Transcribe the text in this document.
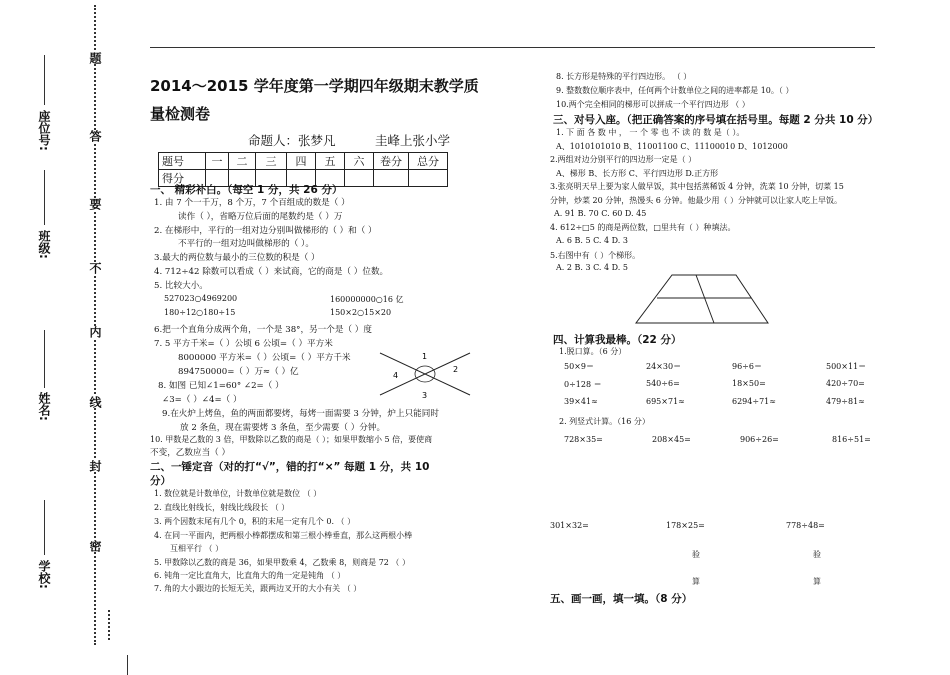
学校:
姓名:
班级:
座位号:
密
封
线
内
不
要
答
题
2014～2015 学年度第一学期四年级期末教学质
量检测卷
命题人：张梦凡	圭峰上张小学
题号	一	二	三	四	五	六	卷分	总分
得分								
一、 精彩补白。（每空 1 分，共 26 分）
1. 由 7 个一千万，8 个万，7 个百组成的数是（ ）
读作（ ），省略万位后面的尾数约是（ ）万
2. 在梯形中，平行的一组对边分别叫做梯形的（ ）和（ ）
不平行的一组对边叫做梯形的（ ）。
3.最大的两位数与最小的三位数的积是（ ）
4. 712÷42 除数可以看成（ ）来试商，它的商是（ ）位数。
5. 比较大小。
527023○4969200	160000000○16 亿
180÷12○180÷15	150×2○15×20
6.把一个直角分成两个角，一个是 38°，另一个是（ ）度
7. 5 平方千米=（ ）公顷 6 公顷=（ ）平方米
8000000 平方米=（ ）公顷=（ ）平方千米
894750000=（ ）万≈（ ）亿
8. 如图 已知∠1=60° ∠2=（ ）
∠3=（ ）∠4=（ ）
9.在火炉上烤鱼，鱼的两面都要烤，每烤一面需要 3 分钟，炉上只能同时
放 2 条鱼，现在需要烤 3 条鱼，至少需要（ ）分钟。
10. 甲数是乙数的 3 倍，甲数除以乙数的商是（ ）；如果甲数缩小 5 倍，要使商
不变，乙数应当（ ）
1
2
3
4
二、一锤定音（对的打“√”，错的打“×” 每题 1 分，共 10
分）
1. 数位就是计数单位，计数单位就是数位 （ ）
2. 直线比射线长，射线比线段长 （ ）
3. 两个因数末尾有几个 0，积的末尾一定有几个 0. （ ）
4. 在同一平面内，把两根小棒都摆成和第三根小棒垂直，那么这两根小棒
互相平行 （ ）
5. 甲数除以乙数的商是 36，如果甲数乘 4，乙数乘 8，则商是 72 （ ）
6. 钝角一定比直角大，比直角大的角一定是钝角 （ ）
7. 角的大小跟边的长短无关，跟两边叉开的大小有关 （ ）
8. 长方形是特殊的平行四边形。 （ ）
9. 整数数位顺序表中，任何两个计数单位之间的进率都是 10。（ ）
10.两个完全相同的梯形可以拼成一个平行四边形 （ ）
三、对号入座。（把正确答案的序号填在括号里。每题 2 分共 10 分）
1. 下 面 各 数 中 ， 一 个 零 也 不 读 的 数 是（ ）。
A、1010101010 B、11001100 C、11100010 D、1012000
2.两组对边分别平行的四边形一定是（ ）
A、梯形 B、长方形 C、平行四边形 D.正方形
3.张亮明天早上要为家人做早饭，其中包括蒸稀饭 4 分钟，洗菜 10 分钟，切菜 15
分钟，炒菜 20 分钟，热馒头 6 分钟。他最少用（ ）分钟就可以让家人吃上早饭。
A. 91 B. 70 C. 60 D. 45
4. 612÷□5 的商是两位数，□里共有（ ）种填法。
A. 6 B. 5 C. 4 D. 3
5.右图中有（ ）个梯形。
A. 2 B. 3 C. 4 D. 5
四、计算我最棒。（22 分）
1.脱口算。（6 分）
50×9＝	24×30＝	96÷6＝	500×11＝
0÷128 ＝	540÷6=	18×50=	420÷70=
39×41≈	695×71≈	6294÷71≈	479÷81≈
2. 列竖式计算。（16 分）
728×35=	208×45=	906÷26=	816÷51=
301×32=	178×25=	778÷48=
验	验
算	算
五、画一画，填一填。（8 分）
